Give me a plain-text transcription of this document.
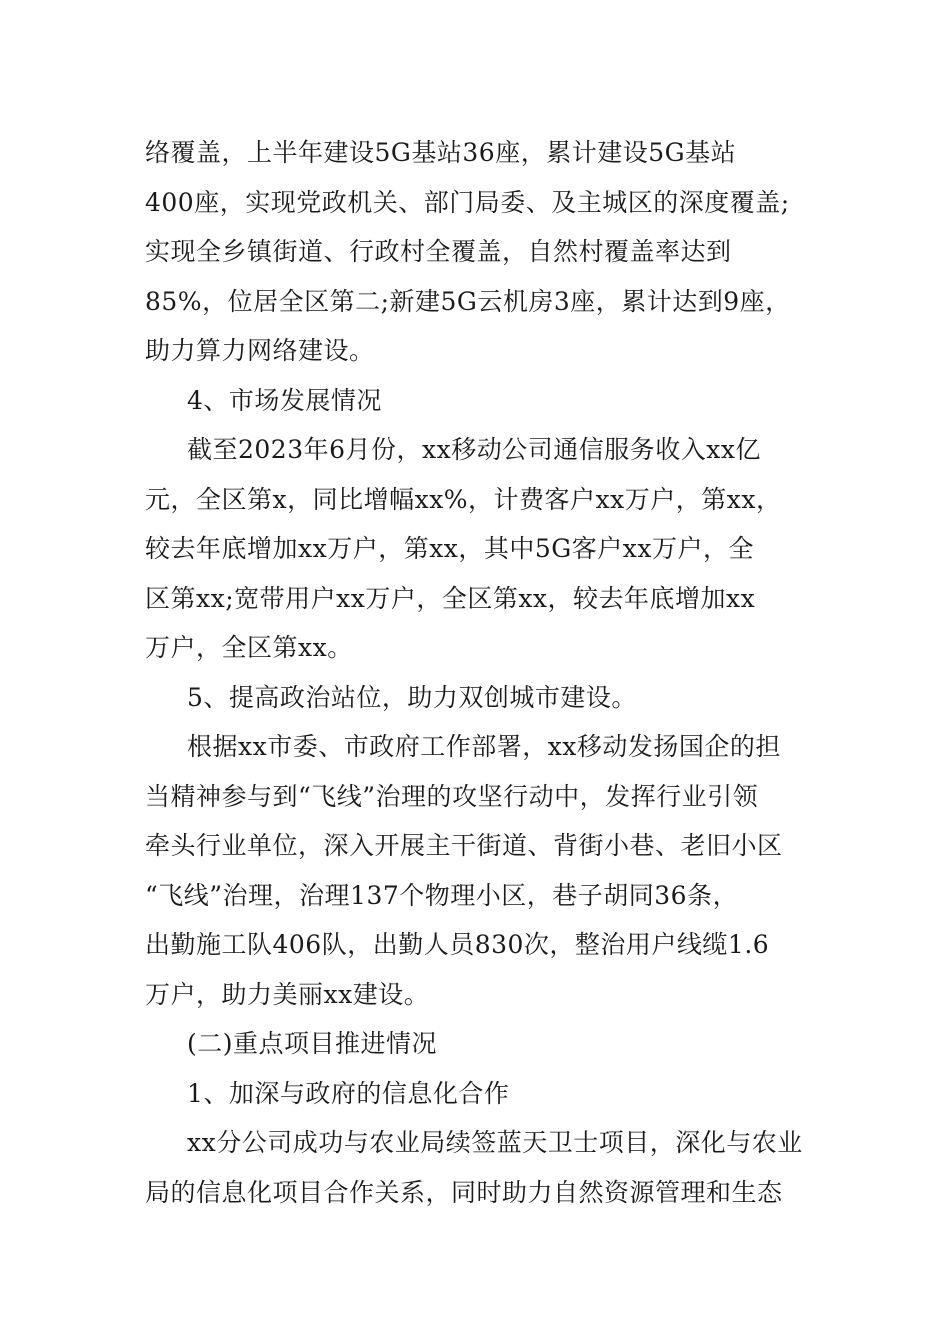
络覆盖，上半年建设5G基站36座，累计建设5G基站
400座，实现党政机关、部门局委、及主城区的深度覆盖;
实现全乡镇街道、行政村全覆盖，自然村覆盖率达到
85%，位居全区第二;新建5G云机房3座，累计达到9座，
助力算力网络建设。
4、市场发展情况
截至2023年6月份，xx移动公司通信服务收入xx亿
元，全区第x，同比增幅xx%，计费客户xx万户，第xx，
较去年底增加xx万户，第xx，其中5G客户xx万户，全
区第xx;宽带用户xx万户，全区第xx，较去年底增加xx
万户，全区第xx。
5、提高政治站位，助力双创城市建设。
根据xx市委、市政府工作部署，xx移动发扬国企的担
当精神参与到“飞线”治理的攻坚行动中，发挥行业引领
牵头行业单位，深入开展主干街道、背街小巷、老旧小区
“飞线”治理，治理137个物理小区，巷子胡同36条，
出勤施工队406队，出勤人员830次，整治用户线缆1.6
万户，助力美丽xx建设。
(二)重点项目推进情况
1、加深与政府的信息化合作
xx分公司成功与农业局续签蓝天卫士项目，深化与农业
局的信息化项目合作关系，同时助力自然资源管理和生态
